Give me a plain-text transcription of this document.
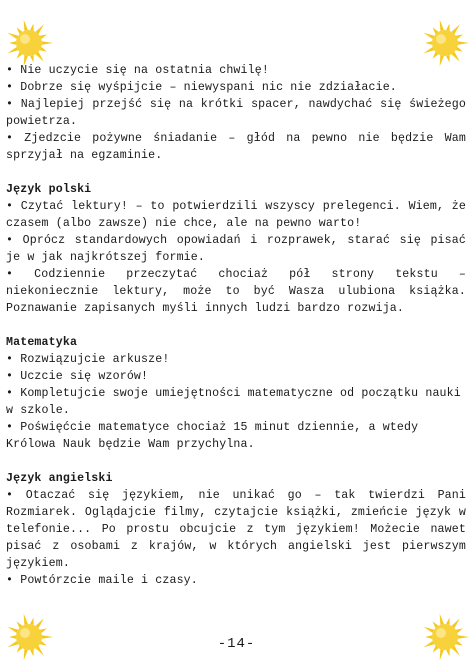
• Nie uczycie się na ostatnia chwilę!

• Dobrze się wyśpijcie – niewyspani nic nie zdziałacie.

• Najlepiej przejść się na krótki spacer, nawdychać się świeżego powietrza.

• Zjedzcie pożywne śniadanie – głód na pewno nie będzie Wam sprzyjał na egzaminie.

Język polski

• Czytać lektury! – to potwierdzili wszyscy prelegenci. Wiem, że czasem (albo zawsze) nie chce, ale na pewno warto!

• Oprócz standardowych opowiadań i rozprawek, starać się pisać je w jak najkrótszej formie.

• Codziennie przeczytać chociaż pół strony tekstu – niekoniecznie lektury, może to być Wasza ulubiona książka. Poznawanie zapisanych myśli innych ludzi bardzo rozwija.

Matematyka

• Rozwiązujcie arkusze!

• Uczcie się wzorów!

• Kompletujcie swoje umiejętności matematyczne od początku nauki w szkole.

• Poświęćcie matematyce chociaż 15 minut dziennie, a wtedy Królowa Nauk będzie Wam przychylna.

Język angielski

• Otaczać się językiem, nie unikać go – tak twierdzi Pani Rozmiarek. Oglądajcie filmy, czytajcie książki, zmieńcie język w telefonie... Po prostu obcujcie z tym językiem! Możecie nawet pisać z osobami z krajów, w których angielski jest pierwszym językiem.

• Powtórzcie maile i czasy.

-14-
